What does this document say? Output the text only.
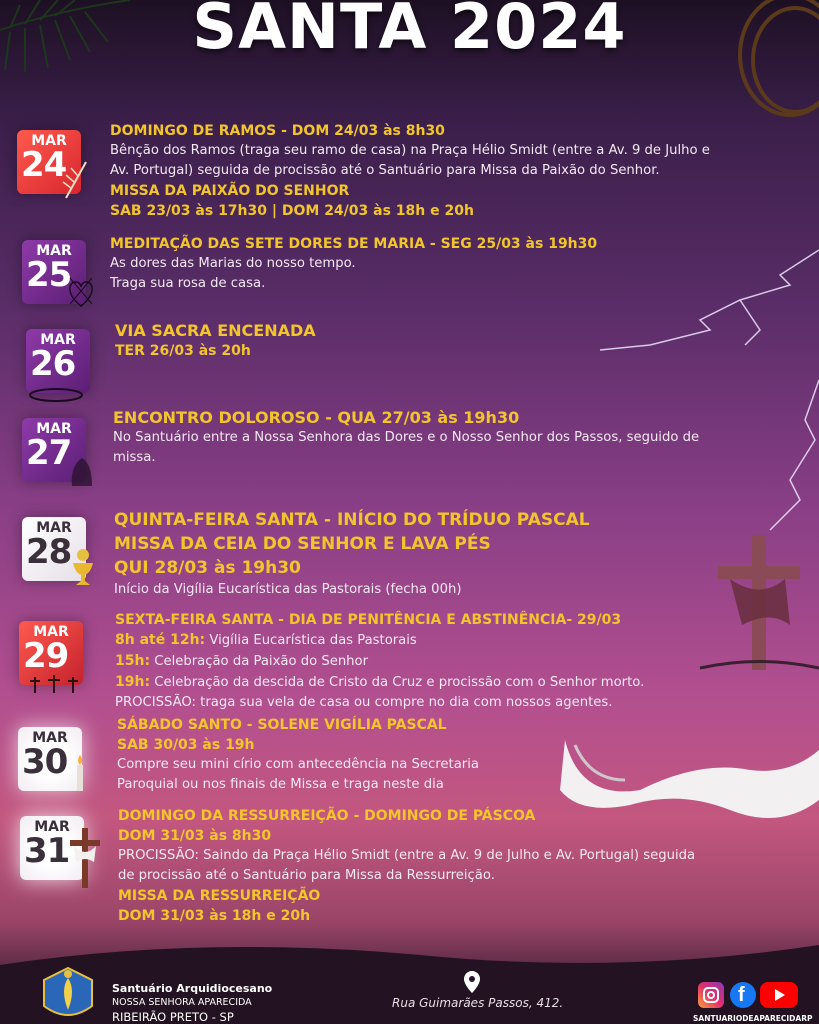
SANTA 2024
MAR
24
DOMINGO DE RAMOS - DOM 24/03 às 8h30
Bênção dos Ramos (traga seu ramo de casa) na Praça Hélio Smidt (entre a Av. 9 de Julho e
Av. Portugal) seguida de procissão até o Santuário para Missa da Paixão do Senhor.
MISSA DA PAIXÃO DO SENHOR
SAB 23/03 às 17h30 | DOM 24/03 às 18h e 20h
MAR
25
MEDITAÇÃO DAS SETE DORES DE MARIA - SEG 25/03 às 19h30
As dores das Marias do nosso tempo.
Traga sua rosa de casa.
MAR
26
VIA SACRA ENCENADA
TER 26/03 às 20h
MAR
27
ENCONTRO DOLOROSO - QUA 27/03 às 19h30
No Santuário entre a Nossa Senhora das Dores e o Nosso Senhor dos Passos, seguido de
missa.
MAR
28
QUINTA-FEIRA SANTA - INÍCIO DO TRÍDUO PASCAL
MISSA DA CEIA DO SENHOR E LAVA PÉS
QUI 28/03 às 19h30
Início da Vigília Eucarística das Pastorais (fecha 00h)
MAR
29
SEXTA-FEIRA SANTA - DIA DE PENITÊNCIA E ABSTINÊNCIA- 29/03
8h até 12h: Vigília Eucarística das Pastorais
15h: Celebração da Paixão do Senhor
19h: Celebração da descida de Cristo da Cruz e procissão com o Senhor morto.
PROCISSÃO: traga sua vela de casa ou compre no dia com nossos agentes.
MAR
30
SÁBADO SANTO - SOLENE VIGÍLIA PASCAL
SAB 30/03 às 19h
Compre seu mini círio com antecedência na Secretaria
Paroquial ou nos finais de Missa e traga neste dia
MAR
31
DOMINGO DA RESSURREIÇÃO - DOMINGO DE PÁSCOA
DOM 31/03 às 8h30
PROCISSÃO: Saindo da Praça Hélio Smidt (entre a Av. 9 de Julho e Av. Portugal) seguida
de procissão até o Santuário para Missa da Ressurreição.
MISSA DA RESSURREIÇÃO
DOM 31/03 às 18h e 20h
Santuário Arquidiocesano
NOSSA SENHORA APARECIDA
RIBEIRÃO PRETO - SP
Rua Guimarães Passos, 412.	f
SANTUARIODEAPARECIDARP
